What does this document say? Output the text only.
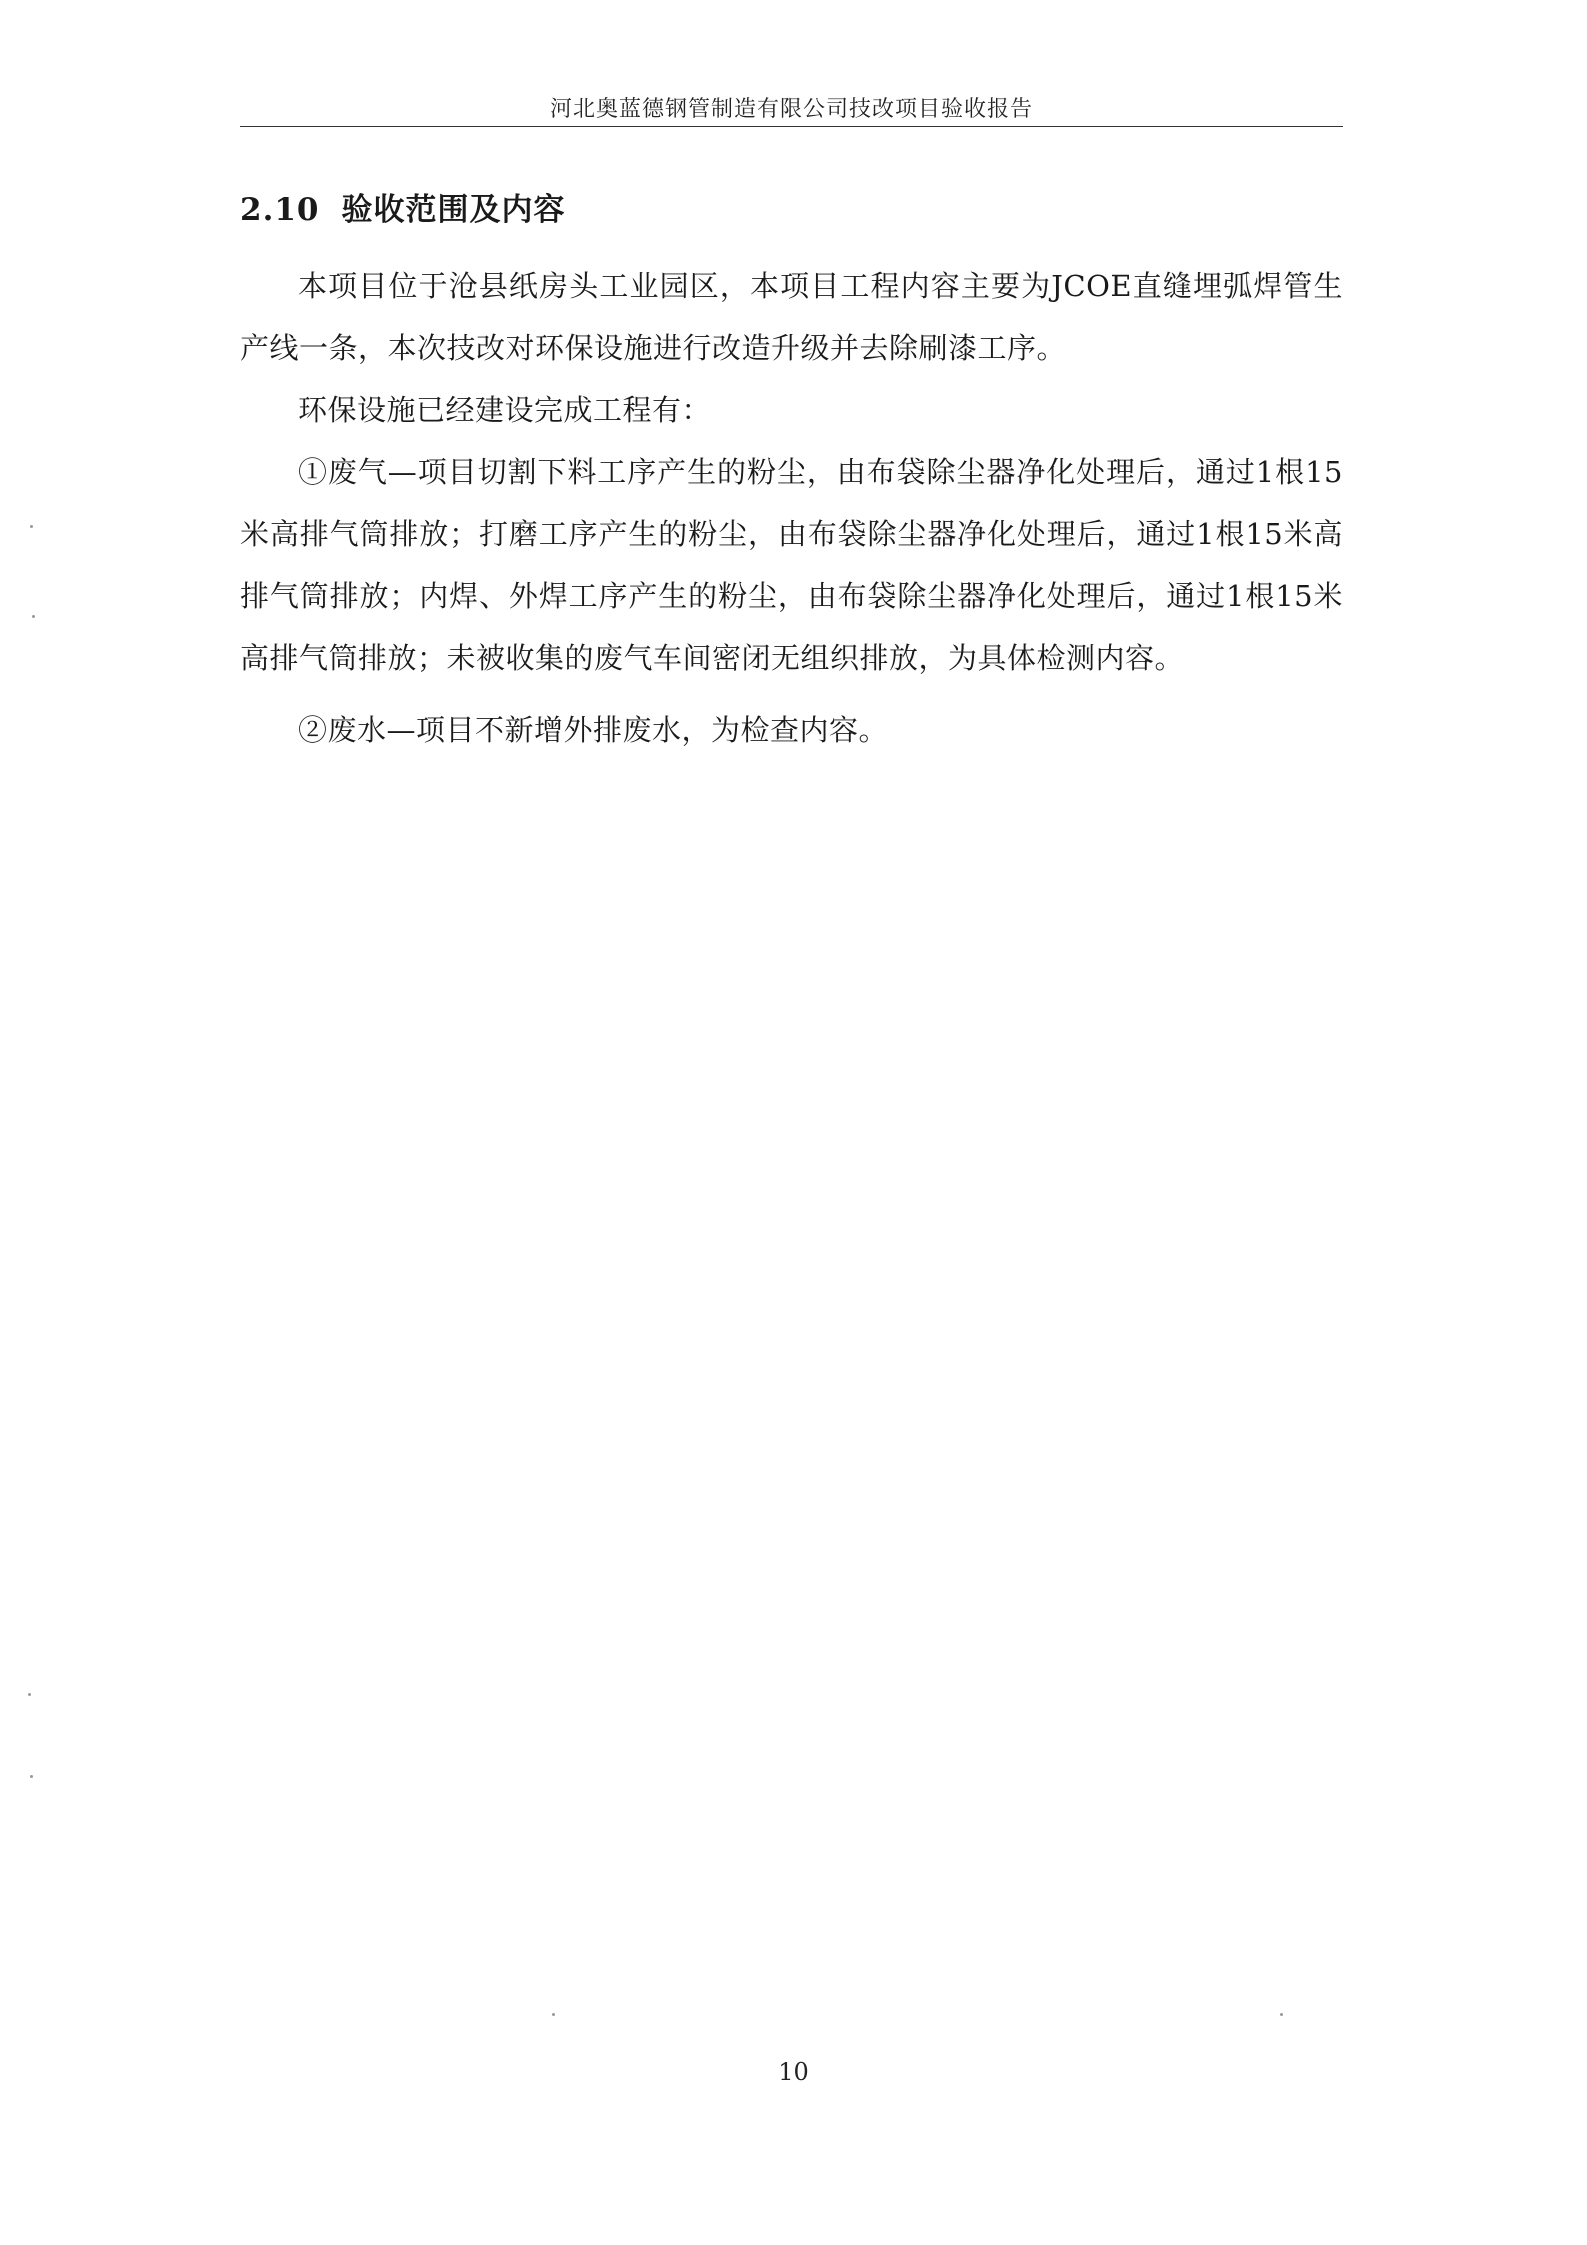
河北奥蓝德钢管制造有限公司技改项目验收报告
2.10 验收范围及内容

本项目位于沧县纸房头工业园区，本项目工程内容主要为JCOE直缝埋弧焊管生产线一条，本次技改对环保设施进行改造升级并去除刷漆工序。

环保设施已经建设完成工程有：

①废气—项目切割下料工序产生的粉尘，由布袋除尘器净化处理后，通过1根15米高排气筒排放；打磨工序产生的粉尘，由布袋除尘器净化处理后，通过1根15米高排气筒排放；内焊、外焊工序产生的粉尘，由布袋除尘器净化处理后，通过1根15米高排气筒排放；未被收集的废气车间密闭无组织排放，为具体检测内容。

②废水—项目不新增外排废水，为检查内容。

10
